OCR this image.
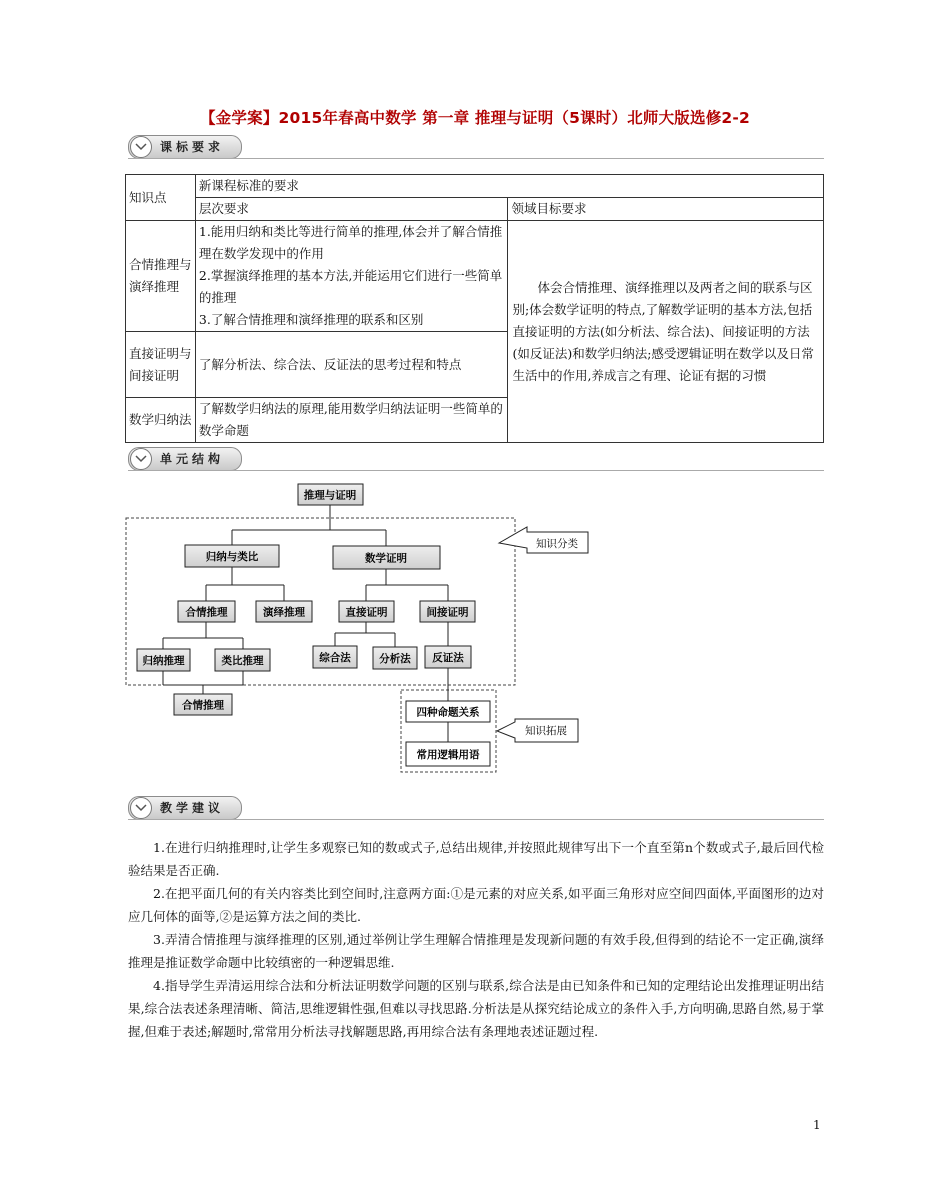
【金学案】2015年春高中数学 第一章 推理与证明（5课时）北师大版选修2-2
课标要求
知识点	新课程标准的要求	
	层次要求	领域目标要求
合情推理与演绎推理	1.能用归纳和类比等进行简单的推理,体会并了解合情推理在数学发现中的作用
2.掌握演绎推理的基本方法,并能运用它们进行一些简单的推理
3.了解合情推理和演绎推理的联系和区别	体会合情推理、演绎推理以及两者之间的联系与区别;体会数学证明的特点,了解数学证明的基本方法,包括直接证明的方法(如分析法、综合法)、间接证明的方法(如反证法)和数学归纳法;感受逻辑证明在数学以及日常生活中的作用,养成言之有理、论证有据的习惯
直接证明与间接证明	了解分析法、综合法、反证法的思考过程和特点	
数学归纳法	了解数学归纳法的原理,能用数学归纳法证明一些简单的数学命题	
单元结构
知识分类
知识拓展
推理与证明
归纳与类比	数学证明
合情推理	演绎推理	直接证明	间接证明
归纳推理	类比推理	综合法	分析法 反证法
合情推理
四种命题关系
常用逻辑用语
教学建议
1.在进行归纳推理时,让学生多观察已知的数或式子,总结出规律,并按照此规律写出下一个直至第n个数或式子,最后回代检验结果是否正确.
2.在把平面几何的有关内容类比到空间时,注意两方面:①是元素的对应关系,如平面三角形对应空间四面体,平面图形的边对应几何体的面等,②是运算方法之间的类比.
3.弄清合情推理与演绎推理的区别,通过举例让学生理解合情推理是发现新问题的有效手段,但得到的结论不一定正确,演绎推理是推证数学命题中比较缜密的一种逻辑思维.
4.指导学生弄清运用综合法和分析法证明数学问题的区别与联系,综合法是由已知条件和已知的定理结论出发推理证明出结果,综合法表述条理清晰、简洁,思维逻辑性强,但难以寻找思路.分析法是从探究结论成立的条件入手,方向明确,思路自然,易于掌握,但难于表述;解题时,常常用分析法寻找解题思路,再用综合法有条理地表述证题过程.
1
